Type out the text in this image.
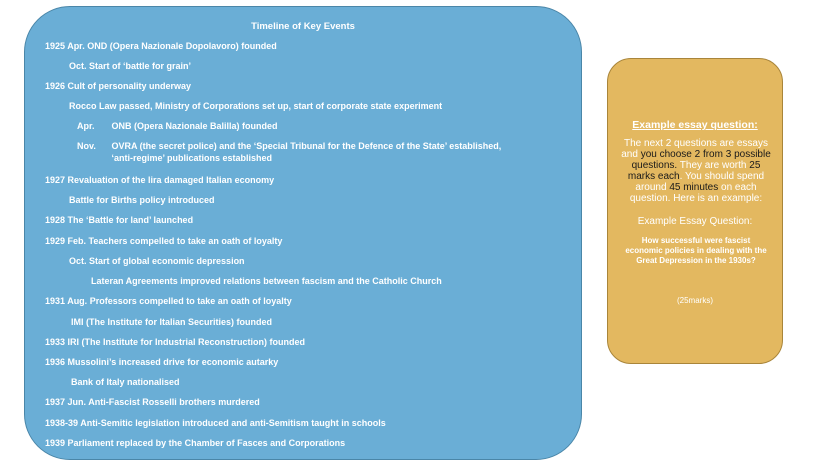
Timeline of Key Events
1925 Apr. OND (Opera Nazionale Dopolavoro) founded
Oct. Start of ‘battle for grain’
1926 Cult of personality underway
Rocco Law passed, Ministry of Corporations set up, start of corporate state experiment
Apr. ONB (Opera Nazionale Balilla) founded
Nov. OVRA (the secret police) and the ‘Special Tribunal for the Defence of the State’ established, ‘anti-regime’ publications established
1927 Revaluation of the lira damaged Italian economy
Battle for Births policy introduced
1928 The ‘Battle for land’ launched
1929 Feb. Teachers compelled to take an oath of loyalty
Oct. Start of global economic depression
Lateran Agreements improved relations between fascism and the Catholic Church
1931 Aug. Professors compelled to take an oath of loyalty
IMI (The Institute for Italian Securities) founded
1933 IRI (The Institute for Industrial Reconstruction) founded
1936 Mussolini’s increased drive for economic autarky
Bank of Italy nationalised
1937 Jun. Anti-Fascist Rosselli brothers murdered
1938-39 Anti-Semitic legislation introduced and anti-Semitism taught in schools
1939 Parliament replaced by the Chamber of Fasces and Corporations
Example essay question:
The next 2 questions are essays and you choose 2 from 3 possible questions. They are worth 25 marks each. You should spend around 45 minutes on each question. Here is an example:
Example Essay Question:
How successful were fascist economic policies in dealing with the Great Depression in the 1930s?
(25marks)
